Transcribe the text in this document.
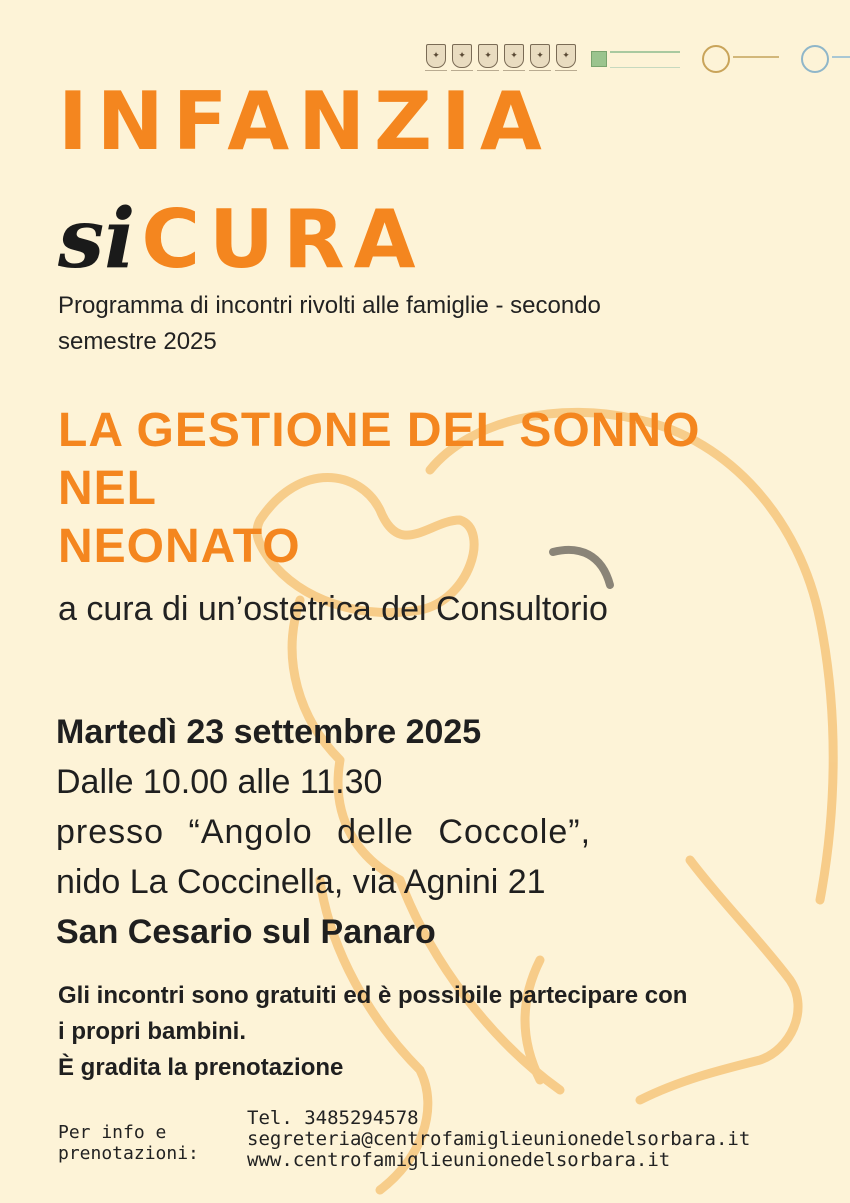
✦	✦	✦	✦	✦	✦
INFANZIA
si CURA
Programma di incontri rivolti alle famiglie - secondo
semestre 2025
LA GESTIONE DEL SONNO NEL
NEONATO
a cura di un’ostetrica del Consultorio
Martedì 23 settembre 2025
Dalle 10.00 alle 11.30
presso “Angolo delle Coccole”,
nido La Coccinella, via Agnini 21
San Cesario sul Panaro
Gli incontri sono gratuiti ed è possibile partecipare con
i propri bambini.
È gradita la prenotazione
Per info e
prenotazioni:
Tel. 3485294578
segreteria@centrofamiglieunionedelsorbara.it
www.centrofamiglieunionedelsorbara.it
